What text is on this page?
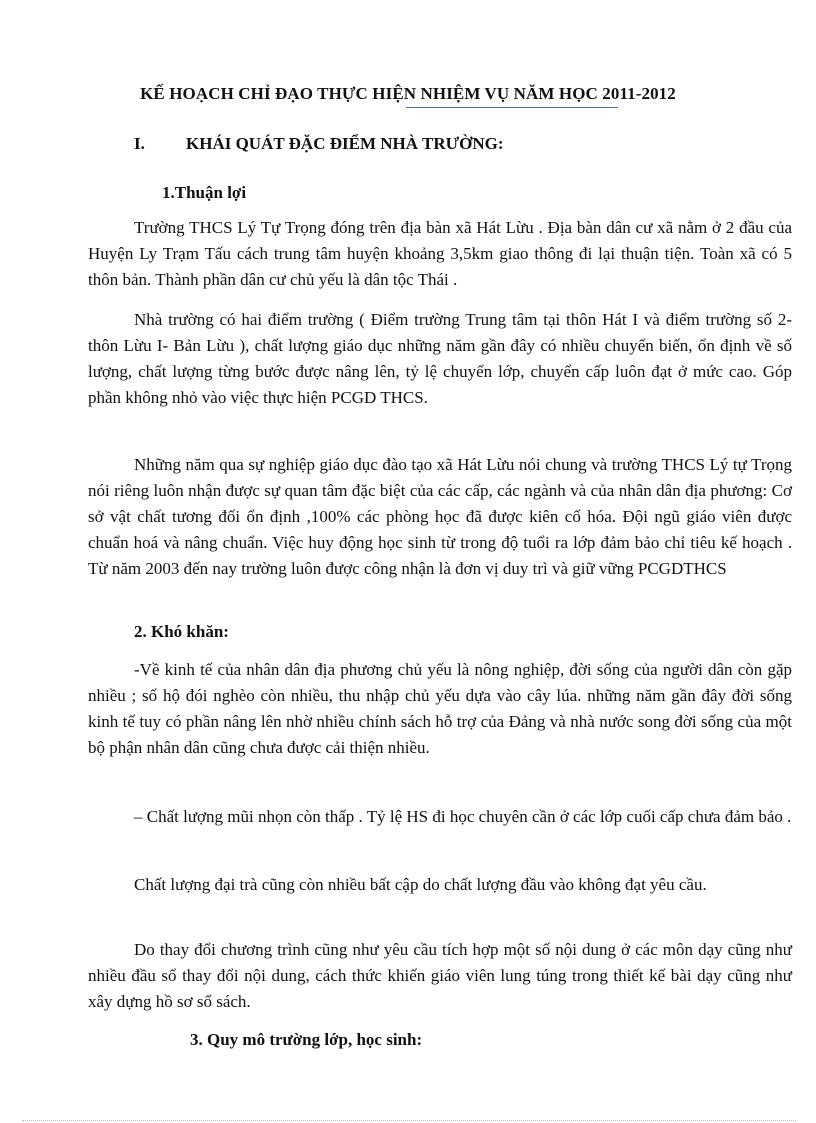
KẾ HOẠCH CHỈ ĐẠO THỰC HIỆN NHIỆM VỤ NĂM HỌC 2011-2012
I. KHÁI QUÁT ĐẶC ĐIỂM NHÀ TRƯỜNG:
1.Thuận lợi

Trường THCS Lý Tự Trọng đóng trên địa bàn xã Hát Lừu . Địa bàn dân cư xã nằm ở 2 đầu của Huyện Ly Trạm Tấu cách trung tâm huyện khoảng 3,5km giao thông đi lại thuận tiện. Toàn xã có 5 thôn bản. Thành phần dân cư chủ yếu là dân tộc Thái .

Nhà trường có hai điểm trường ( Điểm trường Trung tâm tại thôn Hát I và điểm trường số 2- thôn Lừu I- Bản Lừu ), chất lượng giáo dục những năm gần đây có nhiều chuyển biến, ổn định về số lượng, chất lượng từng bước được nâng lên, tỷ lệ chuyển lớp, chuyển cấp luôn đạt ở mức cao. Góp phần không nhỏ vào việc thực hiện PCGD THCS.

Những năm qua sự nghiệp giáo dục đào tạo xã Hát Lừu nói chung và trường THCS Lý tự Trọng nói riêng luôn nhận được sự quan tâm đặc biệt của các cấp, các ngành và của nhân dân địa phương: Cơ sở vật chất tương đối ổn định ,100% các phòng học đã được kiên cố hóa. Đội ngũ giáo viên được chuẩn hoá và nâng chuẩn. Việc huy động học sinh từ trong độ tuổi ra lớp đảm bảo chỉ tiêu kế hoạch . Từ năm 2003 đến nay trường luôn được công nhận là đơn vị duy trì và giữ vững PCGDTHCS

2. Khó khăn:

-Về kinh tế của nhân dân địa phương chủ yếu là nông nghiệp, đời sống của người dân còn gặp nhiều ; số hộ đói nghèo còn nhiều, thu nhập chủ yếu dựa vào cây lúa. những năm gần đây đời sống kinh tế tuy có phần nâng lên nhờ nhiều chính sách hỗ trợ của Đảng và nhà nước song đời sống của một bộ phận nhân dân cũng chưa được cải thiện nhiều.

– Chất lượng mũi nhọn còn thấp . Tỷ lệ HS đi học chuyên cần ở các lớp cuối cấp chưa đảm bảo .

Chất lượng đại trà cũng còn nhiều bất cập do chất lượng đầu vào không đạt yêu cầu.

Do thay đổi chương trình cũng như yêu cầu tích hợp một số nội dung ở các môn dạy cũng như nhiều đầu sổ thay đổi nội dung, cách thức khiến giáo viên lung túng trong thiết kế bài dạy cũng như xây dựng hồ sơ sổ sách.

3. Quy mô trường lớp, học sinh:
